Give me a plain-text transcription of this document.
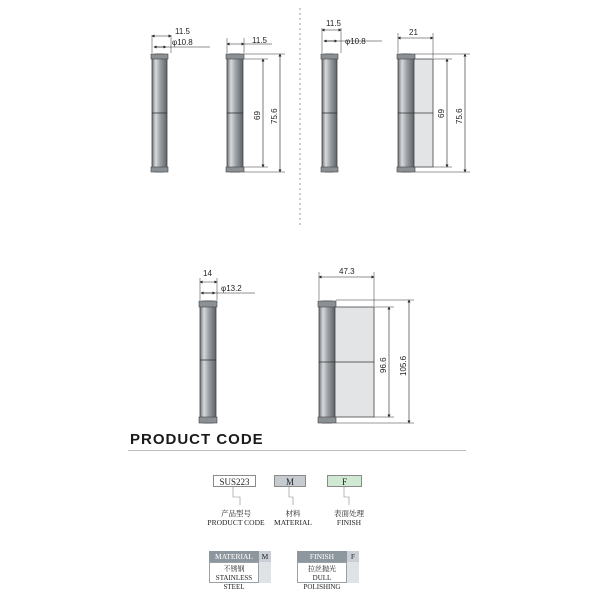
11.5
φ10.8	11.5
69 75.6
11.5
φ10.8
21
69 75.6
14
φ13.2
47.3
96.6 105.6
PRODUCT CODE
SUS223	M	F
产品型号
PRODUCT CODE
材料
MATERIAL
表面处理
FINISH
MATERIAL	M
不锈钢
STAINLESS STEEL
FINISH	F
拉丝抛光
DULL POLISHING
